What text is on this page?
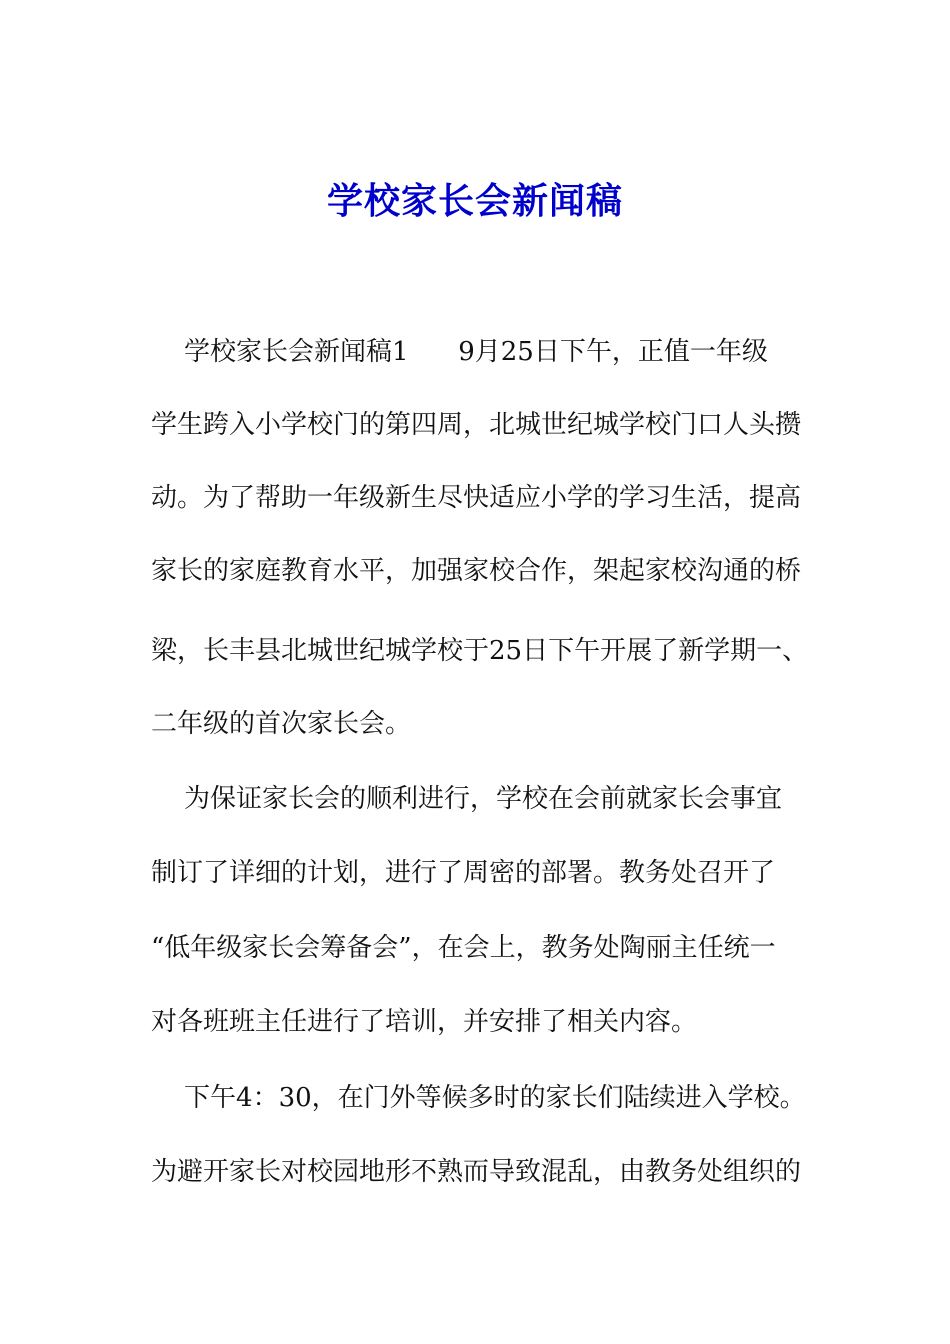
学校家长会新闻稿
学校家长会新闻稿1      9月25日下午，正值一年级
学生跨入小学校门的第四周，北城世纪城学校门口人头攒
动。为了帮助一年级新生尽快适应小学的学习生活，提高
家长的家庭教育水平，加强家校合作，架起家校沟通的桥
梁，长丰县北城世纪城学校于25日下午开展了新学期一、
二年级的首次家长会。
为保证家长会的顺利进行，学校在会前就家长会事宜
制订了详细的计划，进行了周密的部署。教务处召开了
“低年级家长会筹备会”，在会上，教务处陶丽主任统一
对各班班主任进行了培训，并安排了相关内容。
下午4：30，在门外等候多时的家长们陆续进入学校。
为避开家长对校园地形不熟而导致混乱，由教务处组织的
